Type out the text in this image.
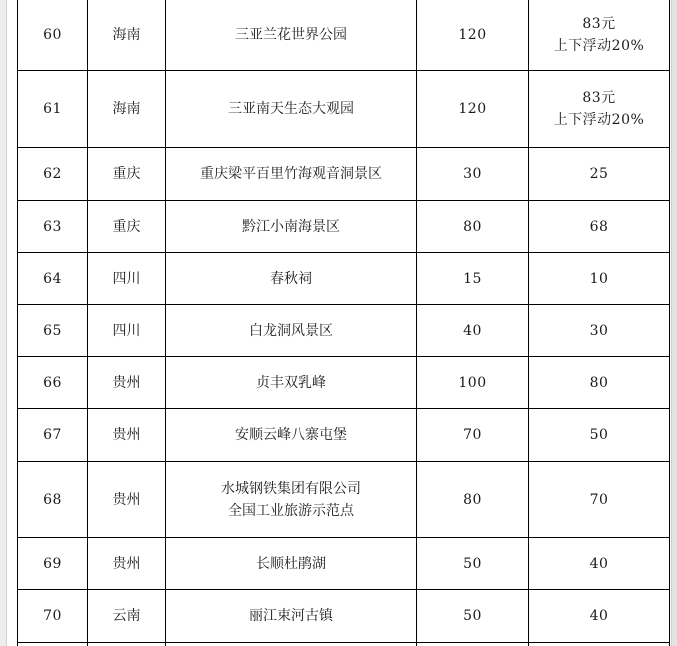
60	海南	三亚兰花世界公园	120	83元
上下浮动20%

61	海南	三亚南天生态大观园	120	83元
上下浮动20%

62	重庆	重庆梁平百里竹海观音洞景区	30	25

63	重庆	黔江小南海景区	80	68

64	四川	春秋祠	15	10

65	四川	白龙洞风景区	40	30

66	贵州	贞丰双乳峰	100	80

67	贵州	安顺云峰八寨屯堡	70	50

68	贵州	水城钢铁集团有限公司
全国工业旅游示范点	80	70

69	贵州	长顺杜鹃湖	50	40

70	云南	丽江束河古镇	50	40
